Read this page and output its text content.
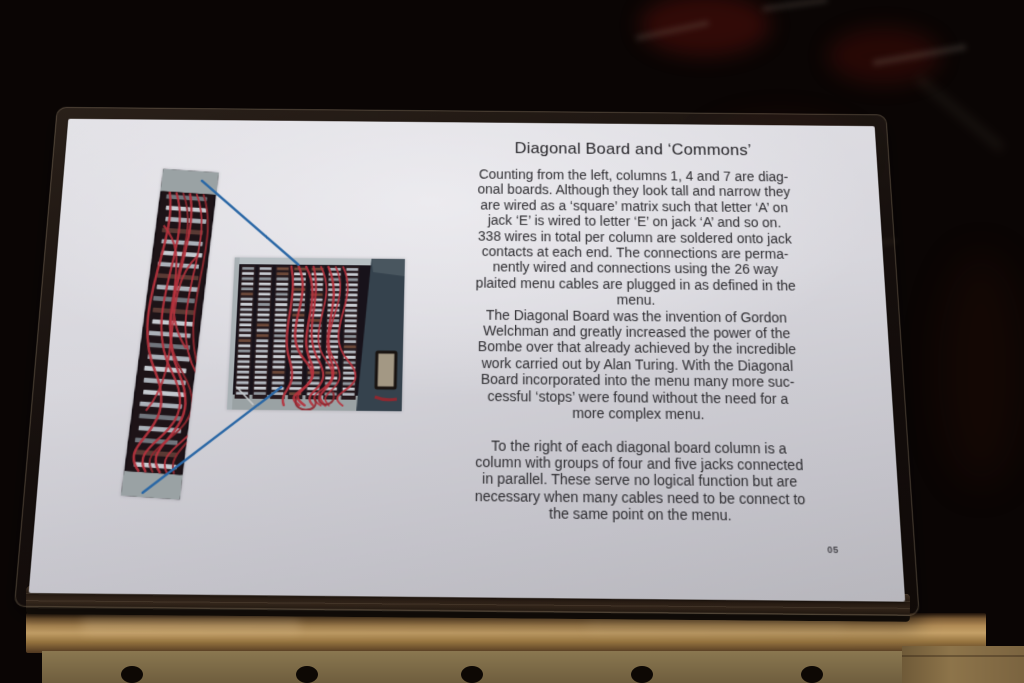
Diagonal Board and ‘Commons’

Counting from the left, columns 1, 4 and 7 are diag-
onal boards. Although they look tall and narrow they
are wired as a ‘square’ matrix such that letter ‘A’ on
jack ‘E’ is wired to letter ‘E’ on jack ‘A’ and so on.
338 wires in total per column are soldered onto jack
contacts at each end. The connections are perma-
nently wired and connections using the 26 way
plaited menu cables are plugged in as defined in the
menu.

The Diagonal Board was the invention of Gordon
Welchman and greatly increased the power of the
Bombe over that already achieved by the incredible
work carried out by Alan Turing. With the Diagonal
Board incorporated into the menu many more suc-
cessful ‘stops’ were found without the need for a
more complex menu.

To the right of each diagonal board column is a
column with groups of four and five jacks connected
in parallel. These serve no logical function but are
necessary when many cables need to be connect to
the same point on the menu.

05
